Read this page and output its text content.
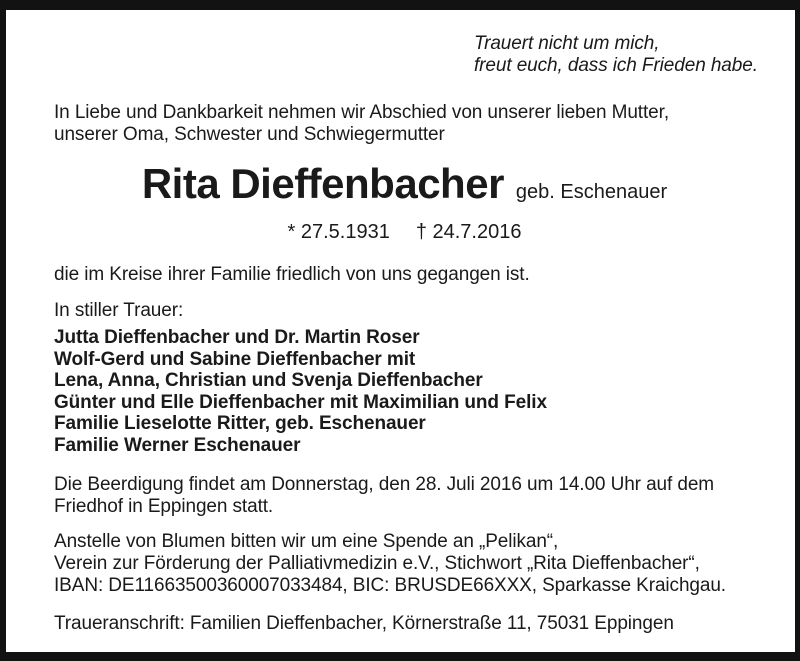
Trauert nicht um mich,
freut euch, dass ich Frieden habe.
In Liebe und Dankbarkeit nehmen wir Abschied von unserer lieben Mutter,
unserer Oma, Schwester und Schwiegermutter
Rita Dieffenbacher geb. Eschenauer
* 27.5.1931 † 24.7.2016
die im Kreise ihrer Familie friedlich von uns gegangen ist.
In stiller Trauer:
Jutta Dieffenbacher und Dr. Martin Roser
Wolf-Gerd und Sabine Dieffenbacher mit
Lena, Anna, Christian und Svenja Dieffenbacher
Günter und Elle Dieffenbacher mit Maximilian und Felix
Familie Lieselotte Ritter, geb. Eschenauer
Familie Werner Eschenauer
Die Beerdigung findet am Donnerstag, den 28. Juli 2016 um 14.00 Uhr auf dem
Friedhof in Eppingen statt.
Anstelle von Blumen bitten wir um eine Spende an „Pelikan“,
Verein zur Förderung der Palliativmedizin e.V., Stichwort „Rita Dieffenbacher“,
IBAN: DE11663500360007033484, BIC: BRUSDE66XXX, Sparkasse Kraichgau.
Traueranschrift: Familien Dieffenbacher, Körnerstraße 11, 75031 Eppingen
